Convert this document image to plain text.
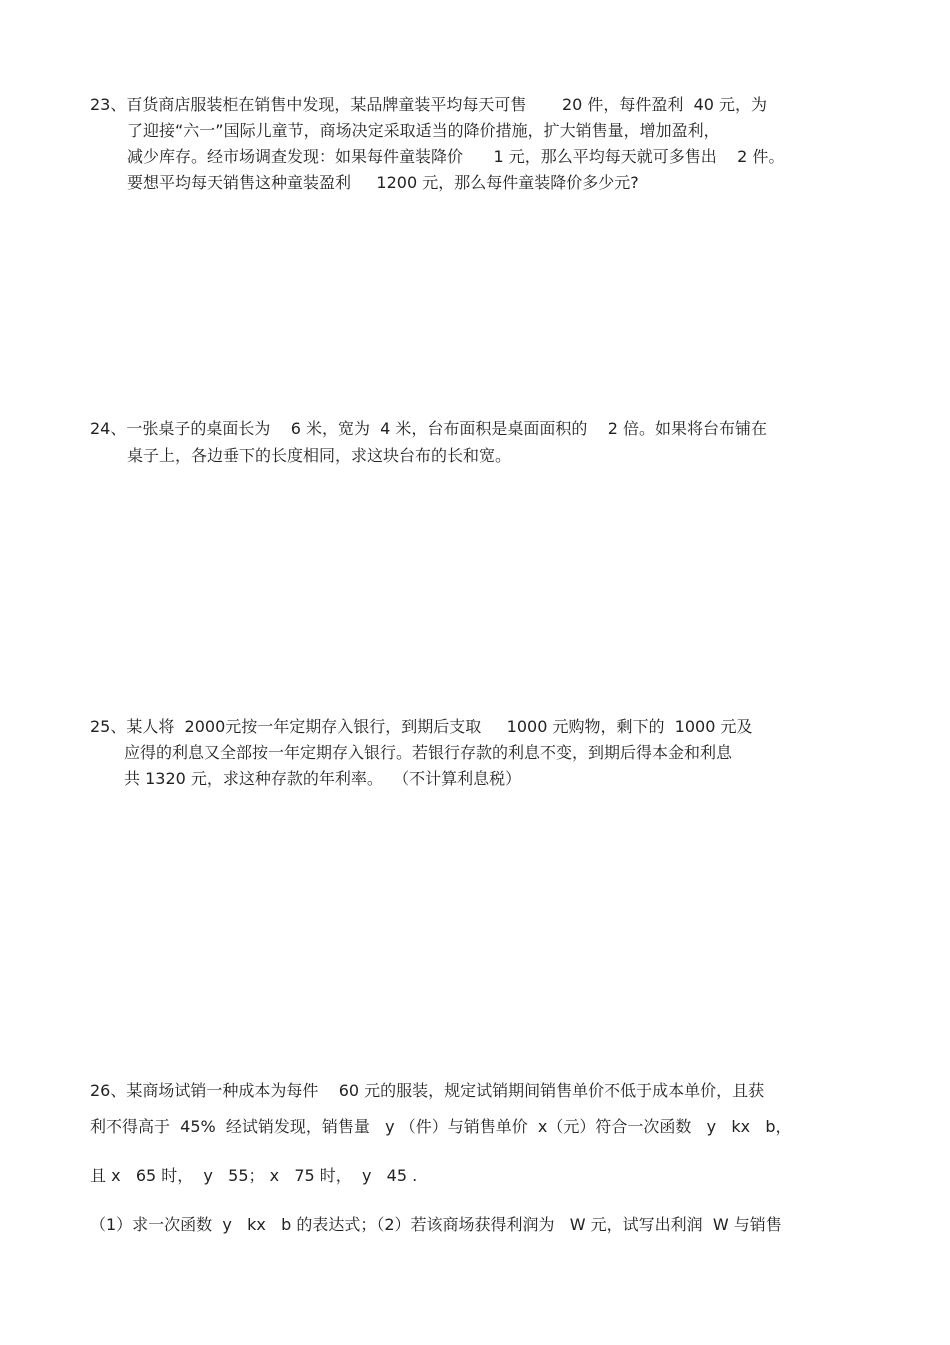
23、百货商店服装柜在销售中发现，某品牌童装平均每天可售       20 件，每件盈利  40 元，为
了迎接“六一”国际儿童节，商场决定采取适当的降价措施，扩大销售量，增加盈利，
减少库存。经市场调查发现：如果每件童装降价      1 元，那么平均每天就可多售出    2 件。
要想平均每天销售这种童装盈利     1200 元，那么每件童装降价多少元?
24、一张桌子的桌面长为    6 米，宽为  4 米，台布面积是桌面面积的    2 倍。如果将台布铺在
桌子上，各边垂下的长度相同，求这块台布的长和宽。
25、某人将  2000元按一年定期存入银行，到期后支取     1000 元购物，剩下的  1000 元及
应得的利息又全部按一年定期存入银行。若银行存款的利息不变，到期后得本金和利息
共 1320 元，求这种存款的年利率。  （不计算利息税）
26、某商场试销一种成本为每件    60 元的服装，规定试销期间销售单价不低于成本单价，且获
利不得高于  45%  经试销发现，销售量   y （件）与销售单价  x（元）符合一次函数   y   kx   b，
且 x   65 时，  y   55； x   75 时，  y   45 .
（1）求一次函数  y   kx   b 的表达式；（2）若该商场获得利润为   W 元，试写出利润  W 与销售
